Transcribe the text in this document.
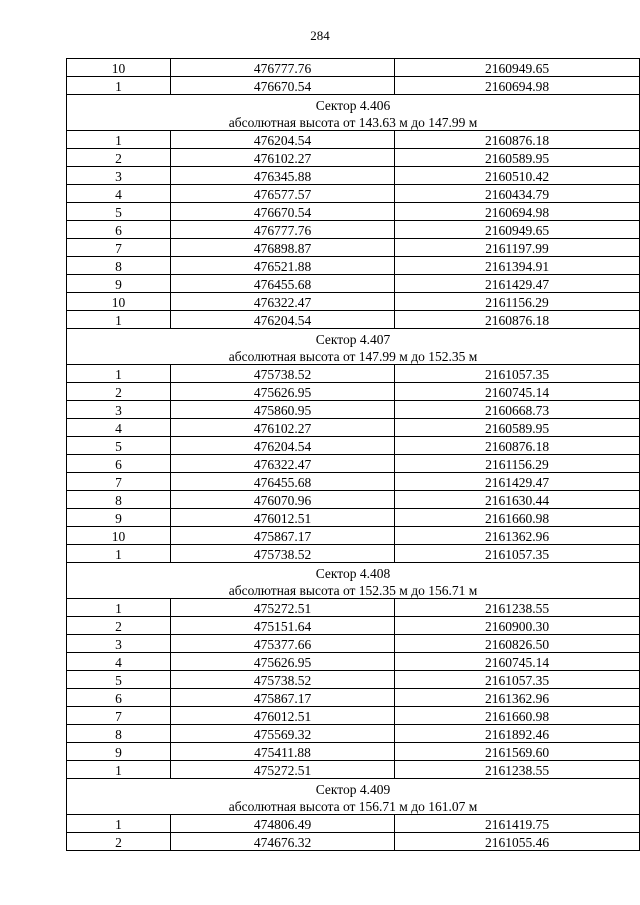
284
10	476777.76	2160949.65
1	476670.54	2160694.98
Сектор 4.406		
абсолютная высота от 143.63 м до 147.99 м		
1	476204.54	2160876.18
2	476102.27	2160589.95
3	476345.88	2160510.42
4	476577.57	2160434.79
5	476670.54	2160694.98
6	476777.76	2160949.65
7	476898.87	2161197.99
8	476521.88	2161394.91
9	476455.68	2161429.47
10	476322.47	2161156.29
1	476204.54	2160876.18
Сектор 4.407		
абсолютная высота от 147.99 м до 152.35 м		
1	475738.52	2161057.35
2	475626.95	2160745.14
3	475860.95	2160668.73
4	476102.27	2160589.95
5	476204.54	2160876.18
6	476322.47	2161156.29
7	476455.68	2161429.47
8	476070.96	2161630.44
9	476012.51	2161660.98
10	475867.17	2161362.96
1	475738.52	2161057.35
Сектор 4.408		
абсолютная высота от 152.35 м до 156.71 м		
1	475272.51	2161238.55
2	475151.64	2160900.30
3	475377.66	2160826.50
4	475626.95	2160745.14
5	475738.52	2161057.35
6	475867.17	2161362.96
7	476012.51	2161660.98
8	475569.32	2161892.46
9	475411.88	2161569.60
1	475272.51	2161238.55
Сектор 4.409		
абсолютная высота от 156.71 м до 161.07 м		
1	474806.49	2161419.75
2	474676.32	2161055.46
